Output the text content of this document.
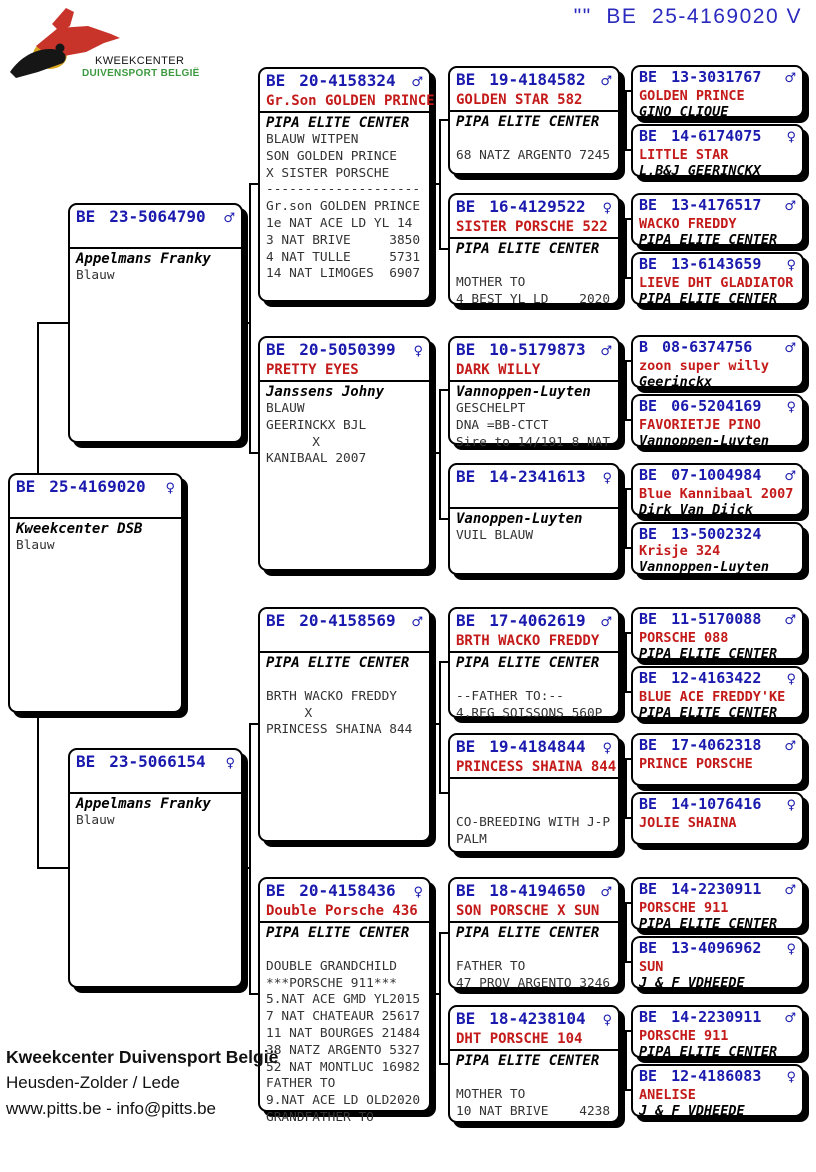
KWEEKCENTER
DUIVENSPORT BELGIË
""  BE  25-4169020 V
BE 25-4169020 ♀
Kweekcenter DSB
Blauw
BE 23-5064790 ♂
Appelmans Franky
Blauw
BE 23-5066154 ♀
Appelmans Franky
Blauw
BE 20-4158324 ♂
Gr.Son GOLDEN PRINCE
PIPA ELITE CENTER
BLAUW WITPEN
SON GOLDEN PRINCE
X SISTER PORSCHE
--------------------
Gr.son GOLDEN PRINCE
1e NAT ACE LD YL 14
3 NAT BRIVE     3850
4 NAT TULLE     5731
14 NAT LIMOGES  6907
BE 20-5050399 ♀
PRETTY EYES
Janssens Johny
BLAUW
GEERINCKX BJL
X
KANIBAAL 2007
BE 20-4158569 ♂
PIPA ELITE CENTER
BRTH WACKO FREDDY
X
PRINCESS SHAINA 844
BE 20-4158436 ♀
Double Porsche 436
PIPA ELITE CENTER
DOUBLE GRANDCHILD
***PORSCHE 911***
5.NAT ACE GMD YL2015
7 NAT CHATEAUR 25617
11 NAT BOURGES 21484
38 NATZ ARGENTO 5327
52 NAT MONTLUC 16982
FATHER TO
9.NAT ACE LD OLD2020
GRANDFATHER TO
BE 19-4184582 ♂
GOLDEN STAR 582
PIPA ELITE CENTER
68 NATZ ARGENTO 7245
BE 16-4129522 ♀
SISTER PORSCHE 522
PIPA ELITE CENTER
MOTHER TO
4 BEST YL LD    2020
BE 10-5179873 ♂
DARK WILLY
Vannoppen-Luyten
GESCHELPT
DNA =BB-CTCT
Sire to 14/191 8 NAT
BE 14-2341613 ♀
Vanoppen-Luyten
VUIL BLAUW
BE 17-4062619 ♂
BRTH WACKO FREDDY
PIPA ELITE CENTER
--FATHER TO:--
4.REG SOISSONS 560P
BE 19-4184844 ♀
PRINCESS SHAINA 844
CO-BREEDING WITH J-P
PALM
BE 18-4194650 ♂
SON PORSCHE X SUN
PIPA ELITE CENTER
FATHER TO
47 PROV ARGENTO 3246
BE 18-4238104 ♀
DHT PORSCHE 104
PIPA ELITE CENTER
MOTHER TO
10 NAT BRIVE    4238
BE 13-3031767 ♂
GOLDEN PRINCE
GINO CLIQUE
BE 14-6174075 ♀
LITTLE STAR
L,B&J GEERINCKX
BE 13-4176517 ♂
WACKO FREDDY
PIPA ELITE CENTER
BE 13-6143659 ♀
LIEVE DHT GLADIATOR
PIPA ELITE CENTER
B 08-6374756 ♂
zoon super willy
Geerinckx
BE 06-5204169 ♀
FAVORIETJE PINO
Vannoppen-Luyten
BE 07-1004984 ♂
Blue Kannibaal 2007
Dirk Van Dijck
BE 13-5002324
Krisje 324
Vannoppen-Luyten
BE 11-5170088 ♂
PORSCHE 088
PIPA ELITE CENTER
BE 12-4163422 ♀
BLUE ACE FREDDY'KE
PIPA ELITE CENTER
BE 17-4062318 ♂
PRINCE PORSCHE
BE 14-1076416 ♀
JOLIE SHAINA
BE 14-2230911 ♂
PORSCHE 911
PIPA ELITE CENTER
BE 13-4096962 ♀
SUN
J & F VDHEEDE
BE 14-2230911 ♂
PORSCHE 911
PIPA ELITE CENTER
BE 12-4186083 ♀
ANELISE
J & F VDHEEDE
Kweekcenter Duivensport België
Heusden-Zolder / Lede
www.pitts.be - info@pitts.be
